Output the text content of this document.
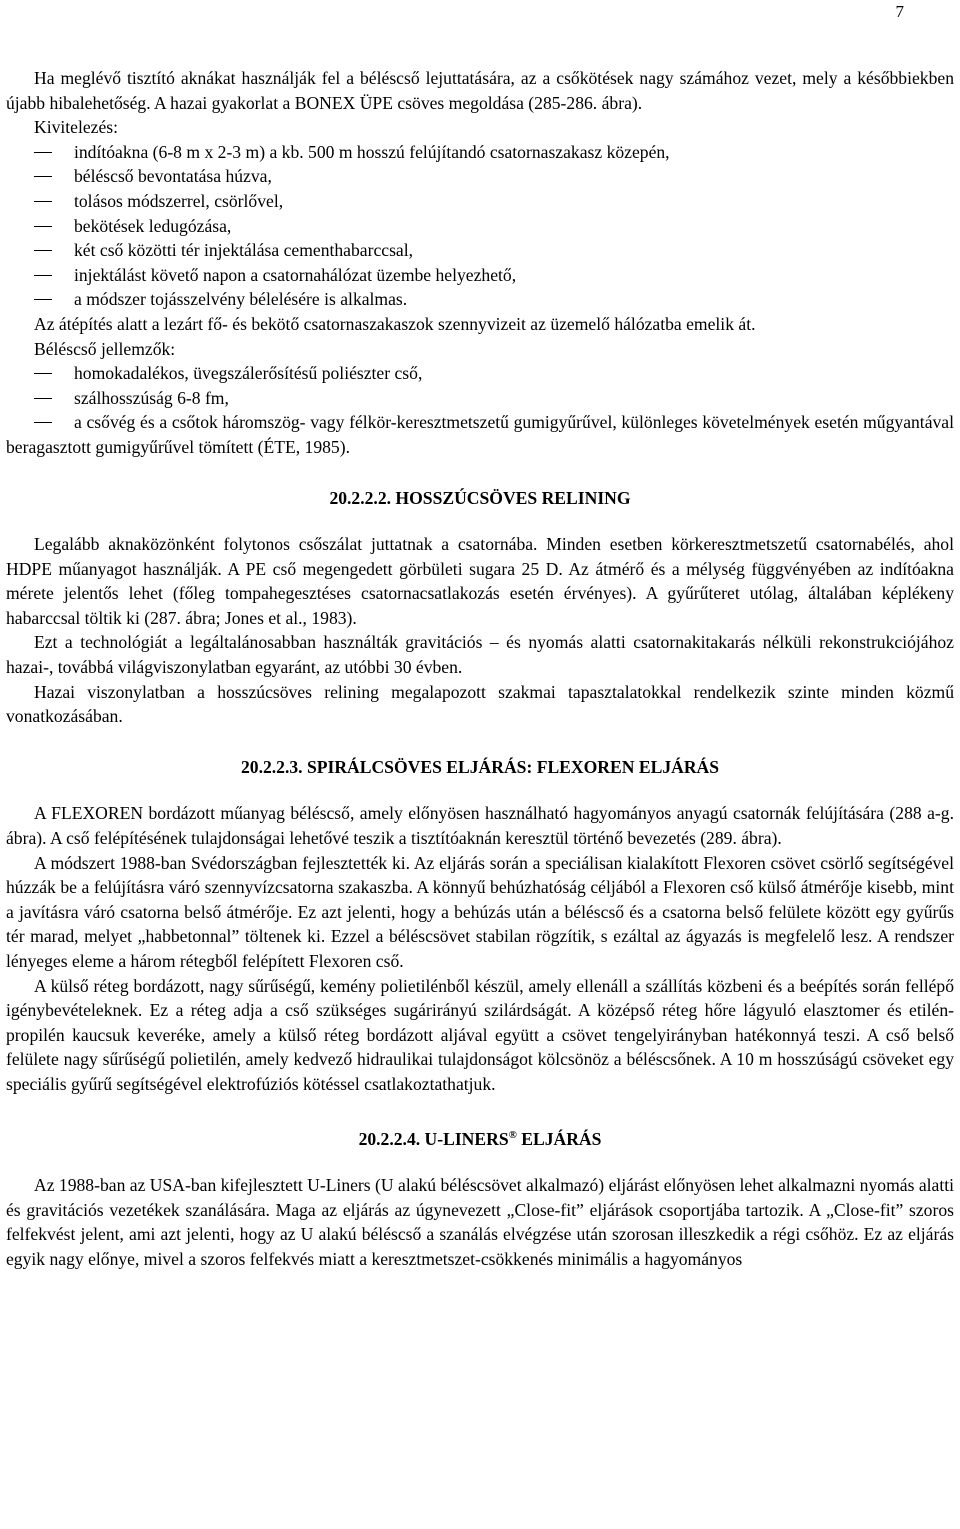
7

Ha meglévő tisztító aknákat használják fel a béléscső lejuttatására, az a csőkötések nagy számához vezet, mely a későbbiekben újabb hibalehetőség. A hazai gyakorlat a BONEX ÜPE csöves megoldása (285-286. ábra).

Kivitelezés:
indítóakna (6-8 m x 2-3 m) a kb. 500 m hosszú felújítandó csatornaszakasz közepén,
béléscső bevontatása húzva,
tolásos módszerrel, csörlővel,
bekötések ledugózása,
két cső közötti tér injektálása cementhabarccsal,
injektálást követő napon a csatornahálózat üzembe helyezhető,
a módszer tojásszelvény bélelésére is alkalmas.

Az átépítés alatt a lezárt fő- és bekötő csatornaszakaszok szennyvizeit az üzemelő hálózatba emelik át.

Béléscső jellemzők:
homokadalékos, üvegszálerősítésű poliészter cső,
szálhosszúság 6-8 fm,
a csővég és a csőtok háromszög- vagy félkör-keresztmetszetű gumigyűrűvel, különleges követelmények esetén műgyantával beragasztott gumigyűrűvel tömített (ÉTE, 1985).
20.2.2.2. HOSSZÚCSÖVES RELINING

Legalább aknaközönként folytonos csőszálat juttatnak a csatornába. Minden esetben körkeresztmetszetű csatornabélés, ahol HDPE műanyagot használják. A PE cső megengedett görbületi sugara 25 D. Az átmérő és a mélység függvényében az indítóakna mérete jelentős lehet (főleg tompahegesztéses csatornacsatlakozás esetén érvényes). A gyűrűteret utólag, általában képlékeny habarccsal töltik ki (287. ábra; Jones et al., 1983).

Ezt a technológiát a legáltalánosabban használták gravitációs – és nyomás alatti csatornakitakarás nélküli rekonstrukciójához hazai-, továbbá világviszonylatban egyaránt, az utóbbi 30 évben.

Hazai viszonylatban a hosszúcsöves relining megalapozott szakmai tapasztalatokkal rendelkezik szinte minden közmű vonatkozásában.

20.2.2.3. SPIRÁLCSÖVES ELJÁRÁS: FLEXOREN ELJÁRÁS

A FLEXOREN bordázott műanyag béléscső, amely előnyösen használható hagyományos anyagú csatornák felújítására (288 a-g. ábra). A cső felépítésének tulajdonságai lehetővé teszik a tisztítóaknán keresztül történő bevezetés (289. ábra).

A módszert 1988-ban Svédországban fejlesztették ki. Az eljárás során a speciálisan kialakított Flexoren csövet csörlő segítségével húzzák be a felújításra váró szennyvízcsatorna szakaszba. A könnyű behúzhatóság céljából a Flexoren cső külső átmérője kisebb, mint a javításra váró csatorna belső átmérője. Ez azt jelenti, hogy a behúzás után a béléscső és a csatorna belső felülete között egy gyűrűs tér marad, melyet „habbetonnal” töltenek ki. Ezzel a béléscsövet stabilan rögzítik, s ezáltal az ágyazás is megfelelő lesz. A rendszer lényeges eleme a három rétegből felépített Flexoren cső.

A külső réteg bordázott, nagy sűrűségű, kemény polietilénből készül, amely ellenáll a szállítás közbeni és a beépítés során fellépő igénybevételeknek. Ez a réteg adja a cső szükséges sugárirányú szilárdságát. A középső réteg hőre lágyuló elasztomer és etilén-propilén kaucsuk keveréke, amely a külső réteg bordázott aljával együtt a csövet tengelyirányban hatékonnyá teszi. A cső belső felülete nagy sűrűségű polietilén, amely kedvező hidraulikai tulajdonságot kölcsönöz a béléscsőnek. A 10 m hosszúságú csöveket egy speciális gyűrű segítségével elektrofúziós kötéssel csatlakoztathatjuk.

20.2.2.4. U-LINERS® ELJÁRÁS

Az 1988-ban az USA-ban kifejlesztett U-Liners (U alakú béléscsövet alkalmazó) eljárást előnyösen lehet alkalmazni nyomás alatti és gravitációs vezetékek szanálására. Maga az eljárás az úgynevezett „Close-fit” eljárások csoportjába tartozik. A „Close-fit” szoros felfekvést jelent, ami azt jelenti, hogy az U alakú béléscső a szanálás elvégzése után szorosan illeszkedik a régi csőhöz. Ez az eljárás egyik nagy előnye, mivel a szoros felfekvés miatt a keresztmetszet-csökkenés minimális a hagyományos
